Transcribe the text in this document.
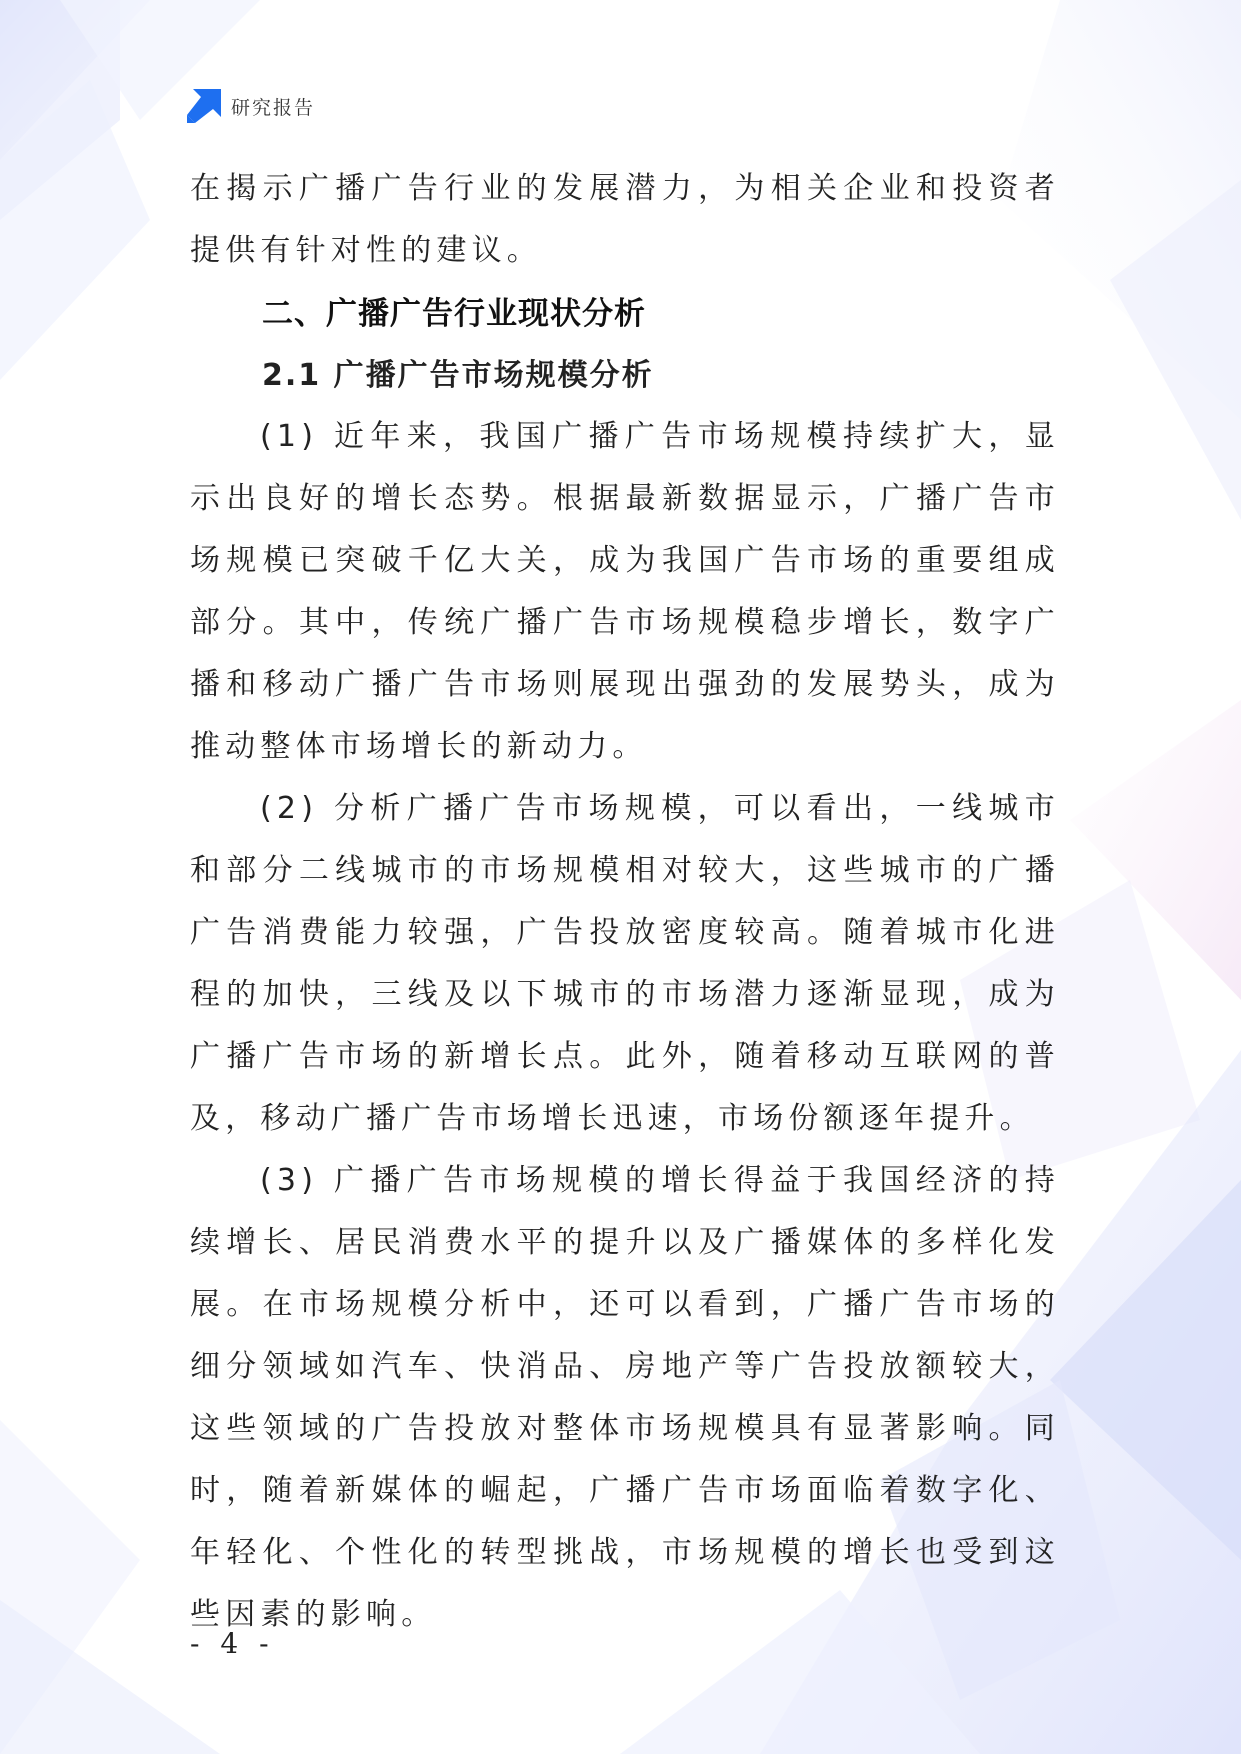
研究报告

在揭示广播广告行业的发展潜力，为相关企业和投资者提供有针对性的建议。

二、广播广告行业现状分析
2.1 广播广告市场规模分析

(1) 近年来，我国广播广告市场规模持续扩大，显示出良好的增长态势。根据最新数据显示，广播广告市场规模已突破千亿大关，成为我国广告市场的重要组成部分。其中，传统广播广告市场规模稳步增长，数字广播和移动广播广告市场则展现出强劲的发展势头，成为推动整体市场增长的新动力。

(2) 分析广播广告市场规模，可以看出，一线城市和部分二线城市的市场规模相对较大，这些城市的广播广告消费能力较强，广告投放密度较高。随着城市化进程的加快，三线及以下城市的市场潜力逐渐显现，成为广播广告市场的新增长点。此外，随着移动互联网的普及，移动广播广告市场增长迅速，市场份额逐年提升。

(3) 广播广告市场规模的增长得益于我国经济的持续增长、居民消费水平的提升以及广播媒体的多样化发展。在市场规模分析中，还可以看到，广播广告市场的细分领域如汽车、快消品、房地产等广告投放额较大，这些领域的广告投放对整体市场规模具有显著影响。同时，随着新媒体的崛起，广播广告市场面临着数字化、年轻化、个性化的转型挑战，市场规模的增长也受到这些因素的影响。

- 4 -
